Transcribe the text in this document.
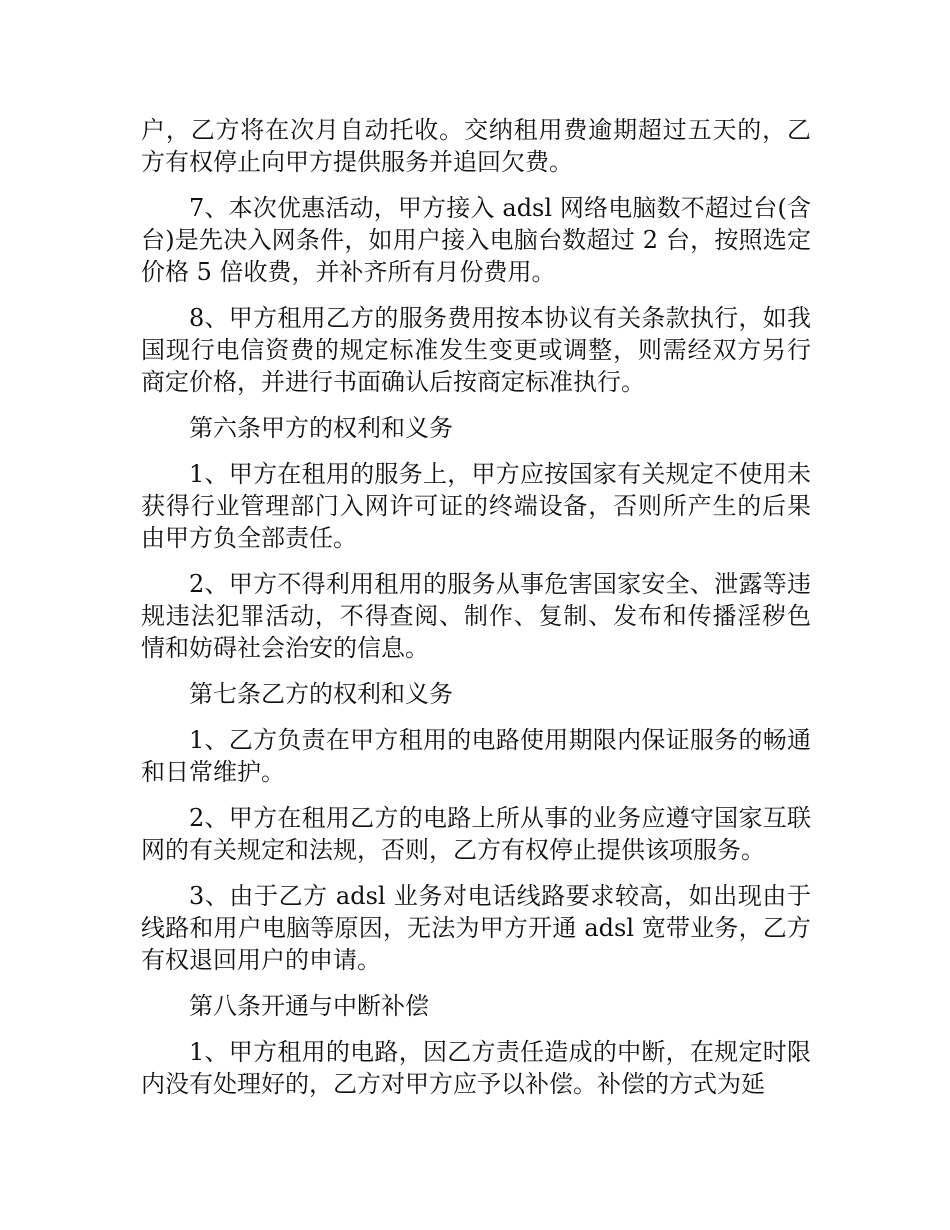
户，乙方将在次月自动托收。交纳租用费逾期超过五天的，乙方有权停止向甲方提供服务并追回欠费。

7、本次优惠活动，甲方接入 adsl 网络电脑数不超过台(含台)是先决入网条件，如用户接入电脑台数超过 2 台，按照选定价格 5 倍收费，并补齐所有月份费用。

8、甲方租用乙方的服务费用按本协议有关条款执行，如我国现行电信资费的规定标准发生变更或调整，则需经双方另行商定价格，并进行书面确认后按商定标准执行。

第六条甲方的权利和义务

1、甲方在租用的服务上，甲方应按国家有关规定不使用未获得行业管理部门入网许可证的终端设备，否则所产生的后果由甲方负全部责任。

2、甲方不得利用租用的服务从事危害国家安全、泄露等违规违法犯罪活动，不得查阅、制作、复制、发布和传播淫秽色情和妨碍社会治安的信息。

第七条乙方的权利和义务

1、乙方负责在甲方租用的电路使用期限内保证服务的畅通和日常维护。

2、甲方在租用乙方的电路上所从事的业务应遵守国家互联网的有关规定和法规，否则，乙方有权停止提供该项服务。

3、由于乙方 adsl 业务对电话线路要求较高，如出现由于线路和用户电脑等原因，无法为甲方开通 adsl 宽带业务，乙方有权退回用户的申请。

第八条开通与中断补偿

1、甲方租用的电路，因乙方责任造成的中断，在规定时限内没有处理好的，乙方对甲方应予以补偿。补偿的方式为延
